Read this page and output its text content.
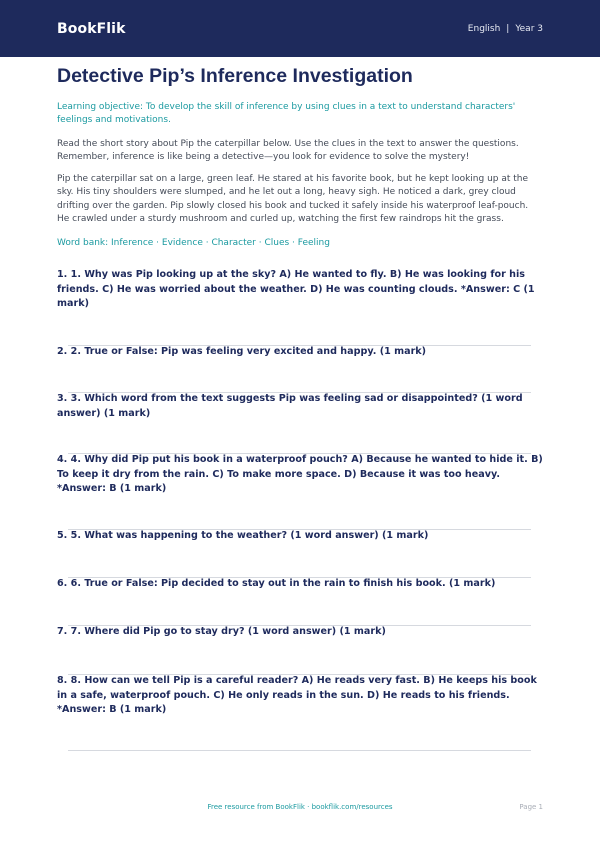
BookFlik	English | Year 3
Detective Pip’s Inference Investigation

Learning objective: To develop the skill of inference by using clues in a text to understand characters' feelings and motivations.

Read the short story about Pip the caterpillar below. Use the clues in the text to answer the questions. Remember, inference is like being a detective—you look for evidence to solve the mystery!

Pip the caterpillar sat on a large, green leaf. He stared at his favorite book, but he kept looking up at the sky. His tiny shoulders were slumped, and he let out a long, heavy sigh. He noticed a dark, grey cloud drifting over the garden. Pip slowly closed his book and tucked it safely inside his waterproof leaf-pouch. He crawled under a sturdy mushroom and curled up, watching the first few raindrops hit the grass.

Word bank: Inference · Evidence · Character · Clues · Feeling

1. 1. Why was Pip looking up at the sky? A) He wanted to fly. B) He was looking for his friends. C) He was worried about the weather. D) He was counting clouds. *Answer: C (1 mark)
2. 2. True or False: Pip was feeling very excited and happy. (1 mark)
3. 3. Which word from the text suggests Pip was feeling sad or disappointed? (1 word answer) (1 mark)
4. 4. Why did Pip put his book in a waterproof pouch? A) Because he wanted to hide it. B) To keep it dry from the rain. C) To make more space. D) Because it was too heavy. *Answer: B (1 mark)
5. 5. What was happening to the weather? (1 word answer) (1 mark)
6. 6. True or False: Pip decided to stay out in the rain to finish his book. (1 mark)
7. 7. Where did Pip go to stay dry? (1 word answer) (1 mark)
8. 8. How can we tell Pip is a careful reader? A) He reads very fast. B) He keeps his book in a safe, waterproof pouch. C) He only reads in the sun. D) He reads to his friends. *Answer: B (1 mark)
Free resource from BookFlik · bookflik.com/resources	Page 1
